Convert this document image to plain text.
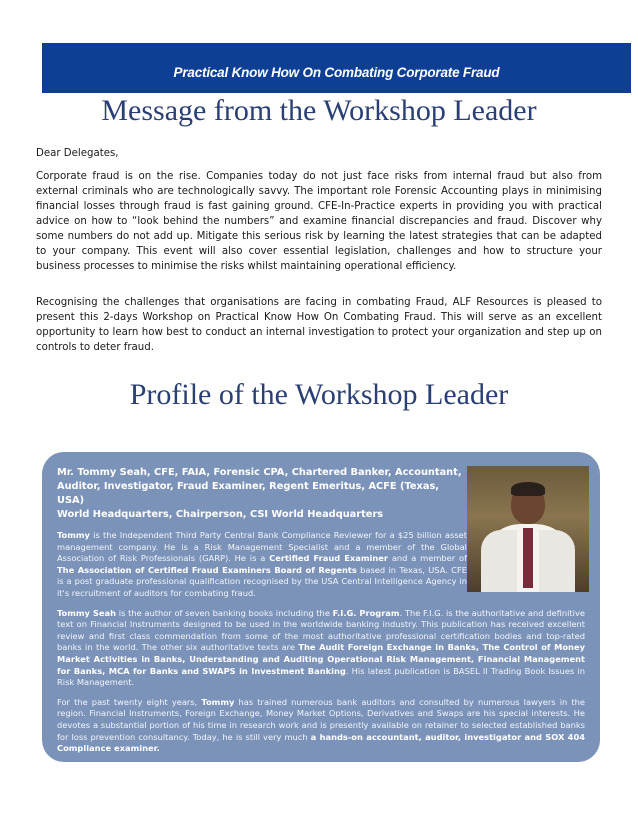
Practical Know How On Combating Corporate Fraud
Message from the Workshop Leader

Dear Delegates,

Corporate fraud is on the rise. Companies today do not just face risks from internal fraud but also from external criminals who are technologically savvy. The important role Forensic Accounting plays in minimising financial losses through fraud is fast gaining ground. CFE-In-Practice experts in providing you with practical advice on how to “look behind the numbers” and examine financial discrepancies and fraud. Discover why some numbers do not add up. Mitigate this serious risk by learning the latest strategies that can be adapted to your company. This event will also cover essential legislation, challenges and how to structure your business processes to minimise the risks whilst maintaining operational efficiency.

Recognising the challenges that organisations are facing in combating Fraud, ALF Resources is pleased to present this 2-days Workshop on Practical Know How On Combating Fraud. This will serve as an excellent opportunity to learn how best to conduct an internal investigation to protect your organization and step up on controls to deter fraud.

Profile of the Workshop Leader
Mr. Tommy Seah, CFE, FAIA, Forensic CPA, Chartered Banker, Accountant,
Auditor, Investigator, Fraud Examiner, Regent Emeritus, ACFE (Texas, USA)
World Headquarters, Chairperson, CSI World Headquarters
Tommy is the Independent Third Party Central Bank Compliance Reviewer for a $25 billion asset management company. He is a Risk Management Specialist and a member of the Global Association of Risk Professionals (GARP). He is a Certified Fraud Examiner and a member of The Association of Certified Fraud Examiners Board of Regents based in Texas, USA. CFE is a post graduate professional qualification recognised by the USA Central Intelligence Agency in it's recruitment of auditors for combating fraud.
Tommy Seah is the author of seven banking books including the F.I.G. Program. The F.I.G. is the authoritative and definitive text on Financial Instruments designed to be used in the worldwide banking industry. This publication has received excellent review and first class commendation from some of the most authoritative professional certification bodies and top-rated banks in the world. The other six authoritative texts are The Audit Foreign Exchange in Banks, The Control of Money Market Activities in Banks, Understanding and Auditing Operational Risk Management, Financial Management for Banks, MCA for Banks and SWAPS in Investment Banking. His latest publication is BASEL II Trading Book Issues in Risk Management.
For the past twenty eight years, Tommy has trained numerous bank auditors and consulted by numerous lawyers in the region. Financial Instruments, Foreign Exchange, Money Market Options, Derivatives and Swaps are his special interests. He devotes a substantial portion of his time in research work and is presently available on retainer to selected established banks for loss prevention consultancy. Today, he is still very much a hands-on accountant, auditor, investigator and SOX 404 Compliance examiner.
